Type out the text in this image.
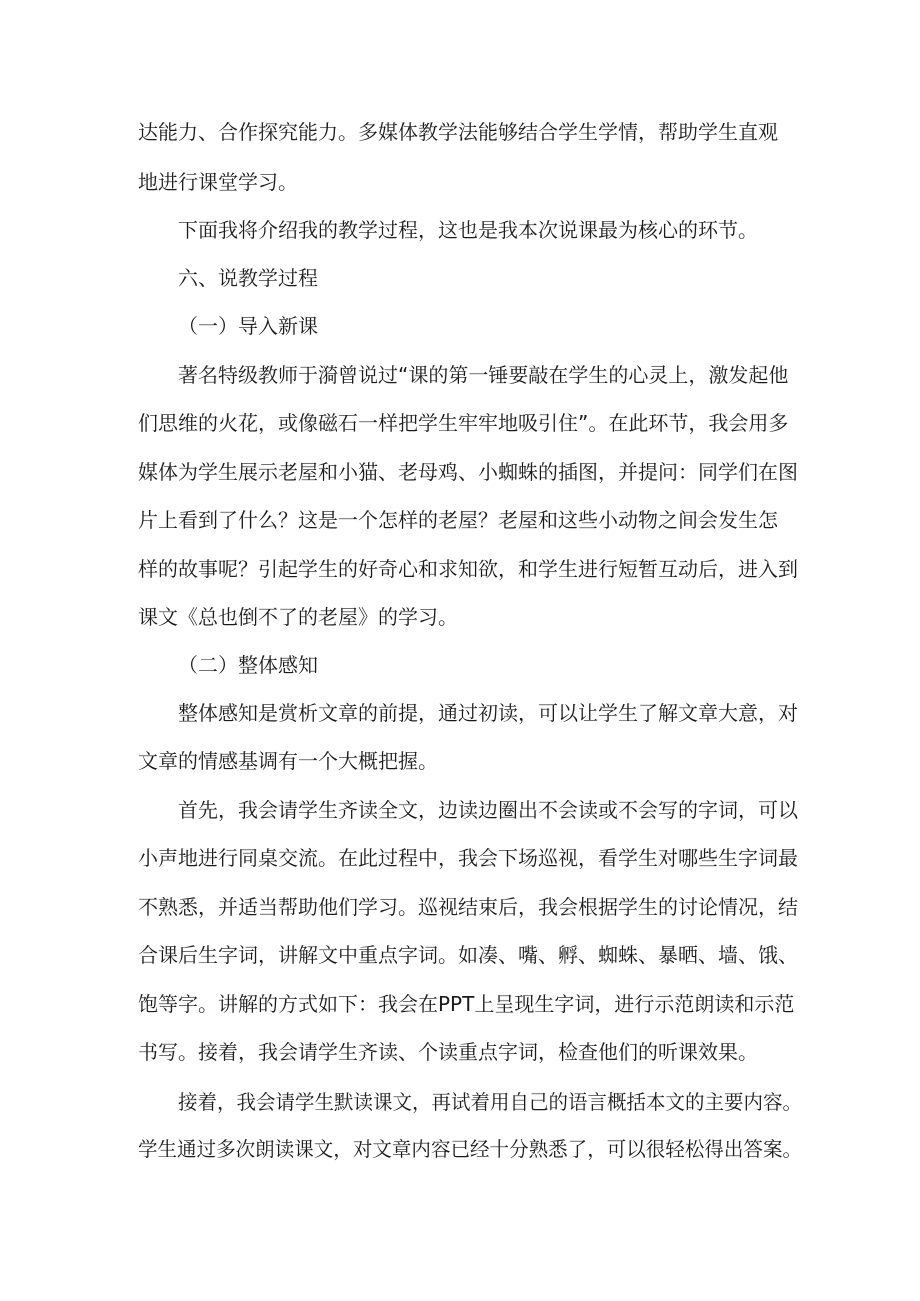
达能力、合作探究能力。多媒体教学法能够结合学生学情，帮助学生直观
地进行课堂学习。
下面我将介绍我的教学过程，这也是我本次说课最为核心的环节。
六、说教学过程
（一）导入新课
著名特级教师于漪曾说过“课的第一锤要敲在学生的心灵上，激发起他
们思维的火花，或像磁石一样把学生牢牢地吸引住”。在此环节，我会用多
媒体为学生展示老屋和小猫、老母鸡、小蜘蛛的插图，并提问：同学们在图
片上看到了什么？这是一个怎样的老屋？老屋和这些小动物之间会发生怎
样的故事呢？引起学生的好奇心和求知欲，和学生进行短暂互动后，进入到
课文《总也倒不了的老屋》的学习。
（二）整体感知
整体感知是赏析文章的前提，通过初读，可以让学生了解文章大意，对
文章的情感基调有一个大概把握。
首先，我会请学生齐读全文，边读边圈出不会读或不会写的字词，可以
小声地进行同桌交流。在此过程中，我会下场巡视，看学生对哪些生字词最
不熟悉，并适当帮助他们学习。巡视结束后，我会根据学生的讨论情况，结
合课后生字词，讲解文中重点字词。如凑、嘴、孵、蜘蛛、暴晒、墙、饿、
饱等字。讲解的方式如下：我会在PPT上呈现生字词，进行示范朗读和示范
书写。接着，我会请学生齐读、个读重点字词，检查他们的听课效果。
接着，我会请学生默读课文，再试着用自己的语言概括本文的主要内容。
学生通过多次朗读课文，对文章内容已经十分熟悉了，可以很轻松得出答案。
